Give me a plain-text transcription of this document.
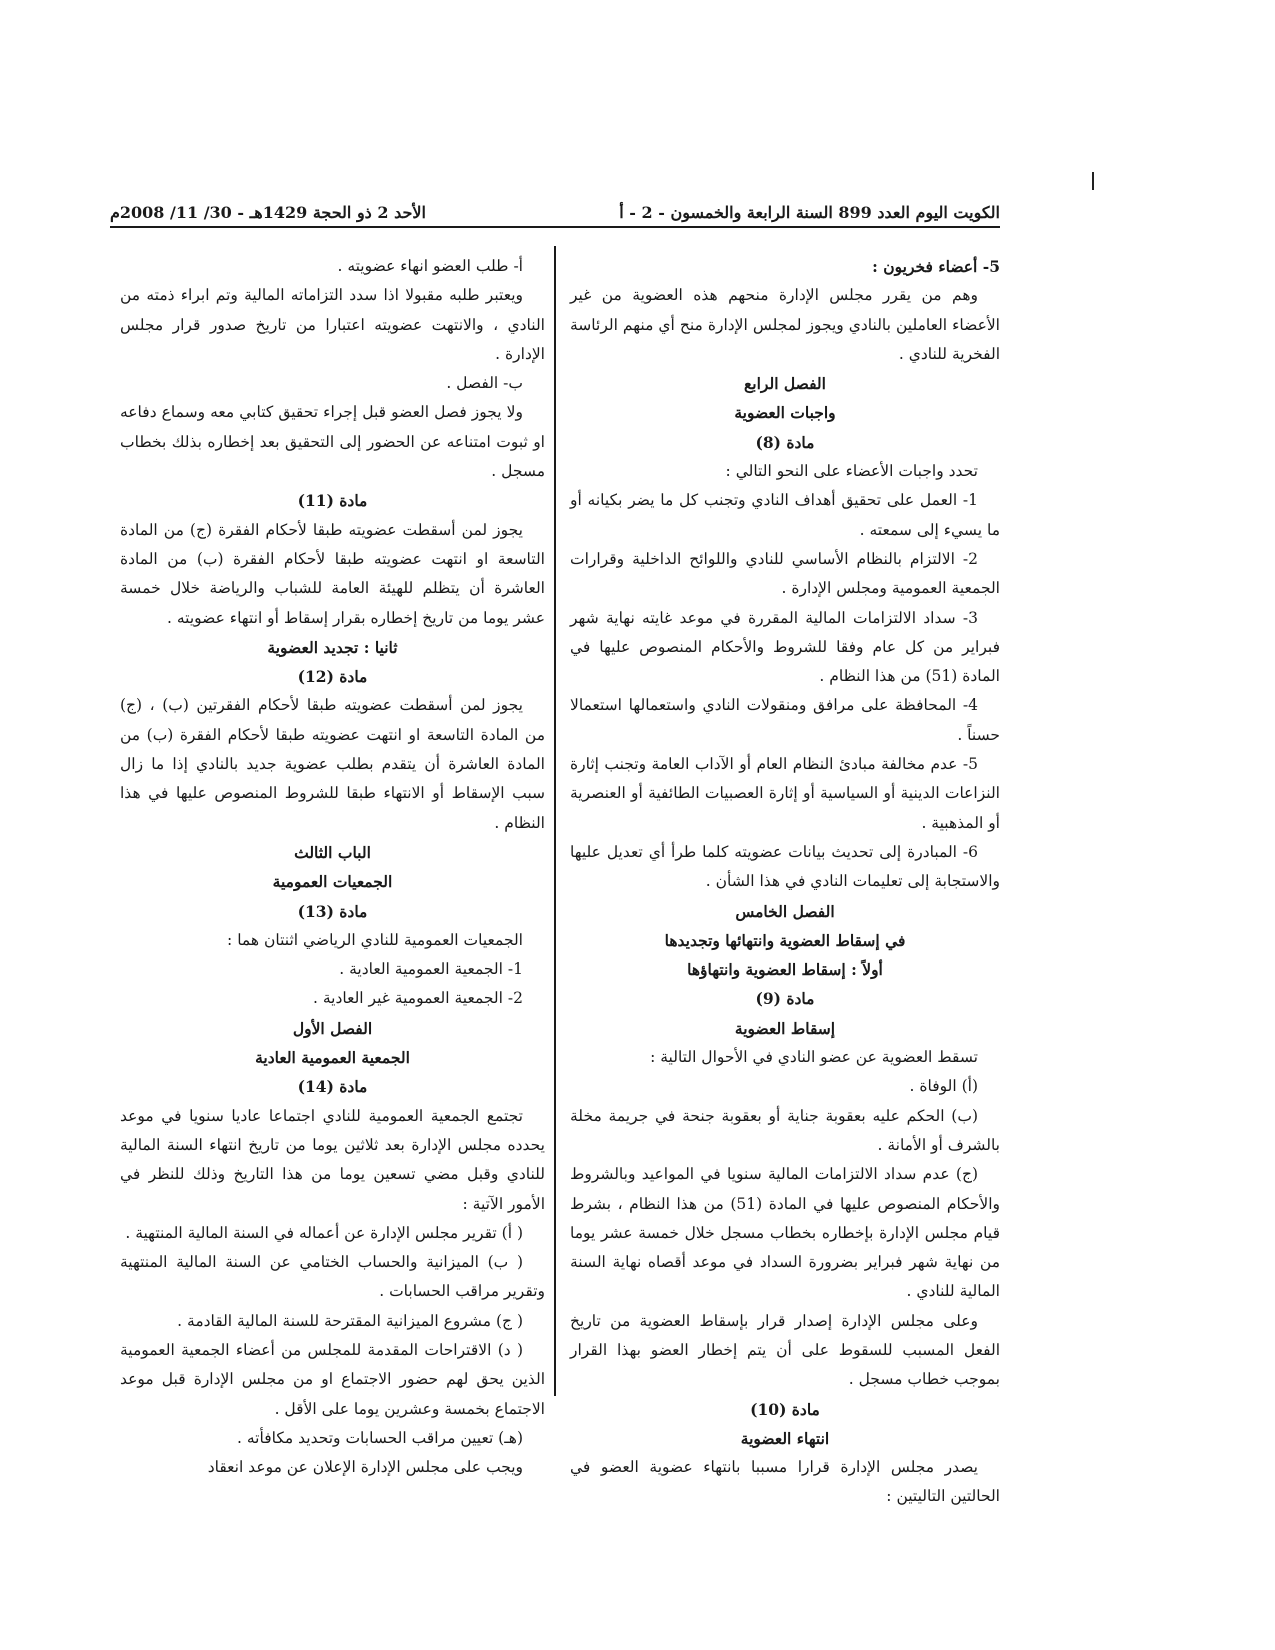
الكويت اليوم العدد 899 السنة الرابعة والخمسون - 2 - أ
الأحد 2 ذو الحجة 1429هـ - 30/ 11/ 2008م

5- أعضاء فخريون :

وهم من يقرر مجلس الإدارة منحهم هذه العضوية من غير الأعضاء العاملين بالنادي ويجوز لمجلس الإدارة منح أي منهم الرئاسة الفخرية للنادي .

الفصل الرابع

واجبات العضوية

مادة (8)

تحدد واجبات الأعضاء على النحو التالي :

1- العمل على تحقيق أهداف النادي وتجنب كل ما يضر بكيانه أو ما يسيء إلى سمعته .

2- الالتزام بالنظام الأساسي للنادي واللوائح الداخلية وقرارات الجمعية العمومية ومجلس الإدارة .

3- سداد الالتزامات المالية المقررة في موعد غايته نهاية شهر فبراير من كل عام وفقا للشروط والأحكام المنصوص عليها في المادة (51) من هذا النظام .

4- المحافظة على مرافق ومنقولات النادي واستعمالها استعمالا حسناً .

5- عدم مخالفة مبادئ النظام العام أو الآداب العامة وتجنب إثارة النزاعات الدينية أو السياسية أو إثارة العصبيات الطائفية أو العنصرية أو المذهبية .

6- المبادرة إلى تحديث بيانات عضويته كلما طرأ أي تعديل عليها والاستجابة إلى تعليمات النادي في هذا الشأن .

الفصل الخامس

في إسقاط العضوية وانتهائها وتجديدها

أولاً : إسقاط العضوية وانتهاؤها

مادة (9)

إسقاط العضوية

تسقط العضوية عن عضو النادي في الأحوال التالية :

(أ) الوفاة .

(ب) الحكم عليه بعقوبة جناية أو بعقوبة جنحة في جريمة مخلة بالشرف أو الأمانة .

(ج) عدم سداد الالتزامات المالية سنويا في المواعيد وبالشروط والأحكام المنصوص عليها في المادة (51) من هذا النظام ، بشرط قيام مجلس الإدارة بإخطاره بخطاب مسجل خلال خمسة عشر يوما من نهاية شهر فبراير بضرورة السداد في موعد أقصاه نهاية السنة المالية للنادي .

وعلى مجلس الإدارة إصدار قرار بإسقاط العضوية من تاريخ الفعل المسبب للسقوط على أن يتم إخطار العضو بهذا القرار بموجب خطاب مسجل .

مادة (10)

انتهاء العضوية

يصدر مجلس الإدارة قرارا مسببا بانتهاء عضوية العضو في الحالتين التاليتين :

أ- طلب العضو انهاء عضويته .

ويعتبر طلبه مقبولا اذا سدد التزاماته المالية وتم ابراء ذمته من النادي ، والانتهت عضويته اعتبارا من تاريخ صدور قرار مجلس الإدارة .

ب- الفصل .

ولا يجوز فصل العضو قبل إجراء تحقيق كتابي معه وسماع دفاعه او ثبوت امتناعه عن الحضور إلى التحقيق بعد إخطاره بذلك بخطاب مسجل .

مادة (11)

يجوز لمن أسقطت عضويته طبقا لأحكام الفقرة (ج) من المادة التاسعة او انتهت عضويته طبقا لأحكام الفقرة (ب) من المادة العاشرة أن يتظلم للهيئة العامة للشباب والرياضة خلال خمسة عشر يوما من تاريخ إخطاره بقرار إسقاط أو انتهاء عضويته .

ثانيا : تجديد العضوية

مادة (12)

يجوز لمن أسقطت عضويته طبقا لأحكام الفقرتين (ب) ، (ج) من المادة التاسعة او انتهت عضويته طبقا لأحكام الفقرة (ب) من المادة العاشرة أن يتقدم بطلب عضوية جديد بالنادي إذا ما زال سبب الإسقاط أو الانتهاء طبقا للشروط المنصوص عليها في هذا النظام .

الباب الثالث

الجمعيات العمومية

مادة (13)

الجمعيات العمومية للنادي الرياضي اثنتان هما :

1- الجمعية العمومية العادية .

2- الجمعية العمومية غير العادية .

الفصل الأول

الجمعية العمومية العادية

مادة (14)

تجتمع الجمعية العمومية للنادي اجتماعا عاديا سنويا في موعد يحدده مجلس الإدارة بعد ثلاثين يوما من تاريخ انتهاء السنة المالية للنادي وقبل مضي تسعين يوما من هذا التاريخ وذلك للنظر في الأمور الآتية :

( أ) تقرير مجلس الإدارة عن أعماله في السنة المالية المنتهية .

( ب) الميزانية والحساب الختامي عن السنة المالية المنتهية وتقرير مراقب الحسابات .

( ج) مشروع الميزانية المقترحة للسنة المالية القادمة .

( د) الاقتراحات المقدمة للمجلس من أعضاء الجمعية العمومية الذين يحق لهم حضور الاجتماع او من مجلس الإدارة قبل موعد الاجتماع بخمسة وعشرين يوما على الأقل .

(هـ) تعيين مراقب الحسابات وتحديد مكافأته .

ويجب على مجلس الإدارة الإعلان عن موعد انعقاد
